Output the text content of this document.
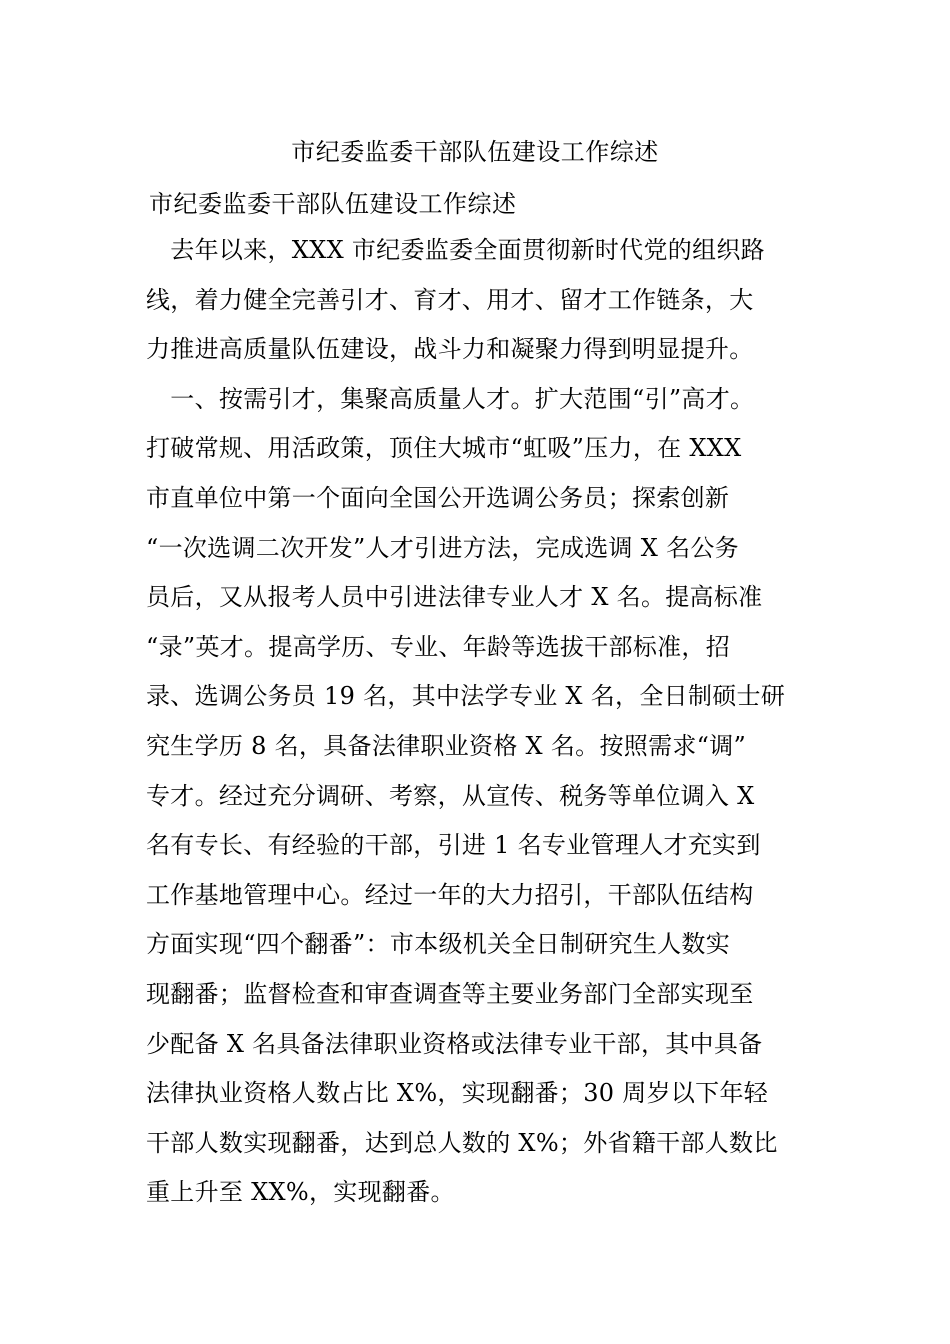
市纪委监委干部队伍建设工作综述
市纪委监委干部队伍建设工作综述
　去年以来，XXX 市纪委监委全面贯彻新时代党的组织路
线，着力健全完善引才、育才、用才、留才工作链条，大
力推进高质量队伍建设，战斗力和凝聚力得到明显提升。
　一、按需引才，集聚高质量人才。扩大范围“引”高才。
打破常规、用活政策，顶住大城市“虹吸”压力，在 XXX
市直单位中第一个面向全国公开选调公务员；探索创新
“一次选调二次开发”人才引进方法，完成选调 X 名公务
员后，又从报考人员中引进法律专业人才 X 名。提高标准
“录”英才。提高学历、专业、年龄等选拔干部标准，招
录、选调公务员 19 名，其中法学专业 X 名，全日制硕士研
究生学历 8 名，具备法律职业资格 X 名。按照需求“调”
专才。经过充分调研、考察，从宣传、税务等单位调入 X
名有专长、有经验的干部，引进 1 名专业管理人才充实到
工作基地管理中心。经过一年的大力招引，干部队伍结构
方面实现“四个翻番”：市本级机关全日制研究生人数实
现翻番；监督检查和审查调查等主要业务部门全部实现至
少配备 X 名具备法律职业资格或法律专业干部，其中具备
法律执业资格人数占比 X%，实现翻番；30 周岁以下年轻
干部人数实现翻番，达到总人数的 X%；外省籍干部人数比
重上升至 XX%，实现翻番。
